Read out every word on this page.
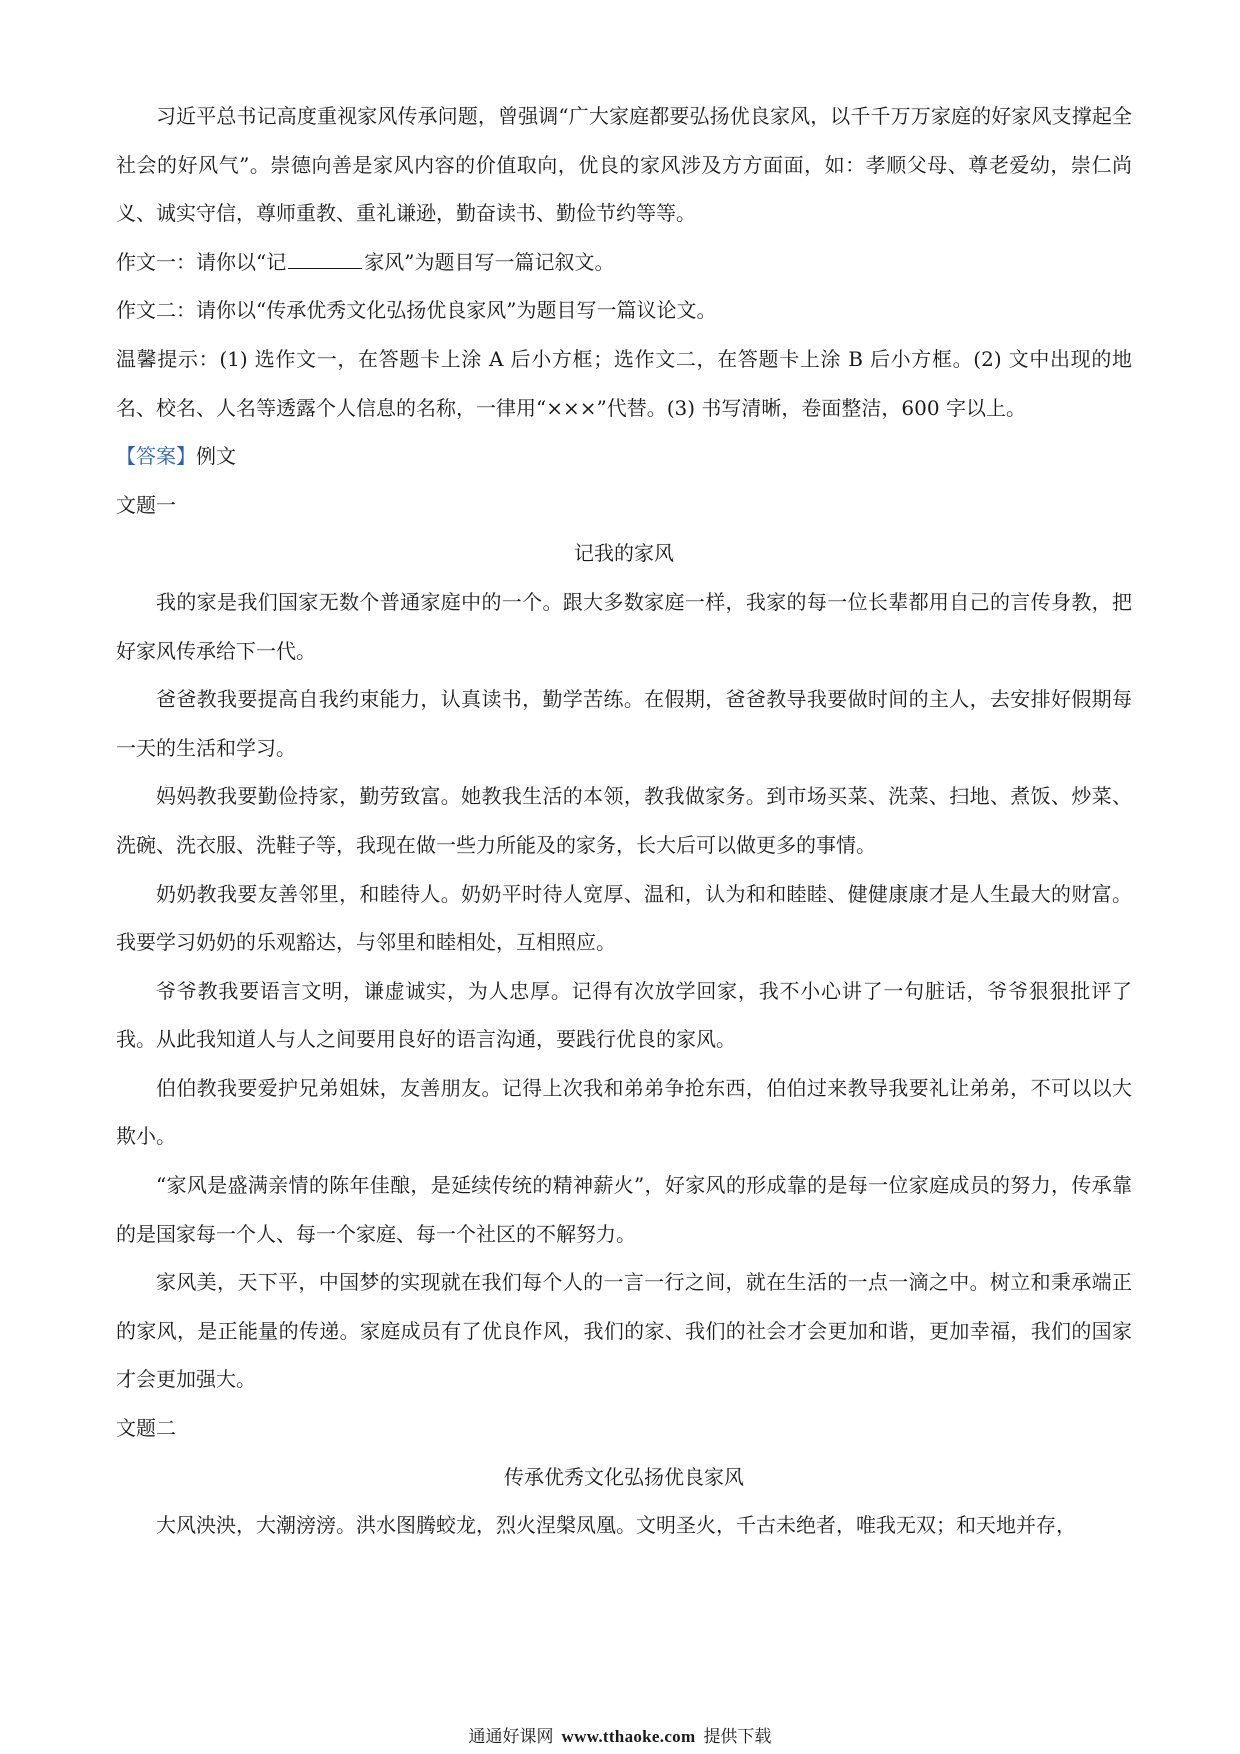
习近平总书记高度重视家风传承问题，曾强调“广大家庭都要弘扬优良家风，以千千万万家庭的好家风支撑起全社会的好风气”。崇德向善是家风内容的价值取向，优良的家风涉及方方面面，如：孝顺父母、尊老爱幼，崇仁尚义、诚实守信，尊师重教、重礼谦逊，勤奋读书、勤俭节约等等。

作文一：请你以“记	家风”为题目写一篇记叙文。

作文二：请你以“传承优秀文化弘扬优良家风”为题目写一篇议论文。

温馨提示：(1) 选作文一，在答题卡上涂 A 后小方框；选作文二，在答题卡上涂 B 后小方框。(2) 文中出现的地名、校名、人名等透露个人信息的名称，一律用“×××”代替。(3) 书写清晰，卷面整洁，600 字以上。

【答案】例文

文题一

记我的家风

我的家是我们国家无数个普通家庭中的一个。跟大多数家庭一样，我家的每一位长辈都用自己的言传身教，把好家风传承给下一代。

爸爸教我要提高自我约束能力，认真读书，勤学苦练。在假期，爸爸教导我要做时间的主人，去安排好假期每一天的生活和学习。

妈妈教我要勤俭持家，勤劳致富。她教我生活的本领，教我做家务。到市场买菜、洗菜、扫地、煮饭、炒菜、洗碗、洗衣服、洗鞋子等，我现在做一些力所能及的家务，长大后可以做更多的事情。

奶奶教我要友善邻里，和睦待人。奶奶平时待人宽厚、温和，认为和和睦睦、健健康康才是人生最大的财富。我要学习奶奶的乐观豁达，与邻里和睦相处，互相照应。

爷爷教我要语言文明，谦虚诚实，为人忠厚。记得有次放学回家，我不小心讲了一句脏话，爷爷狠狠批评了我。从此我知道人与人之间要用良好的语言沟通，要践行优良的家风。

伯伯教我要爱护兄弟姐妹，友善朋友。记得上次我和弟弟争抢东西，伯伯过来教导我要礼让弟弟，不可以以大欺小。

“家风是盛满亲情的陈年佳酿，是延续传统的精神薪火”，好家风的形成靠的是每一位家庭成员的努力，传承靠的是国家每一个人、每一个家庭、每一个社区的不解努力。

家风美，天下平，中国梦的实现就在我们每个人的一言一行之间，就在生活的一点一滴之中。树立和秉承端正的家风，是正能量的传递。家庭成员有了优良作风，我们的家、我们的社会才会更加和谐，更加幸福，我们的国家才会更加强大。

文题二

传承优秀文化弘扬优良家风

大风泱泱，大潮滂滂。洪水图腾蛟龙，烈火涅槃凤凰。文明圣火，千古未绝者，唯我无双；和天地并存，

通通好课网 www.tthaoke.com 提供下载
